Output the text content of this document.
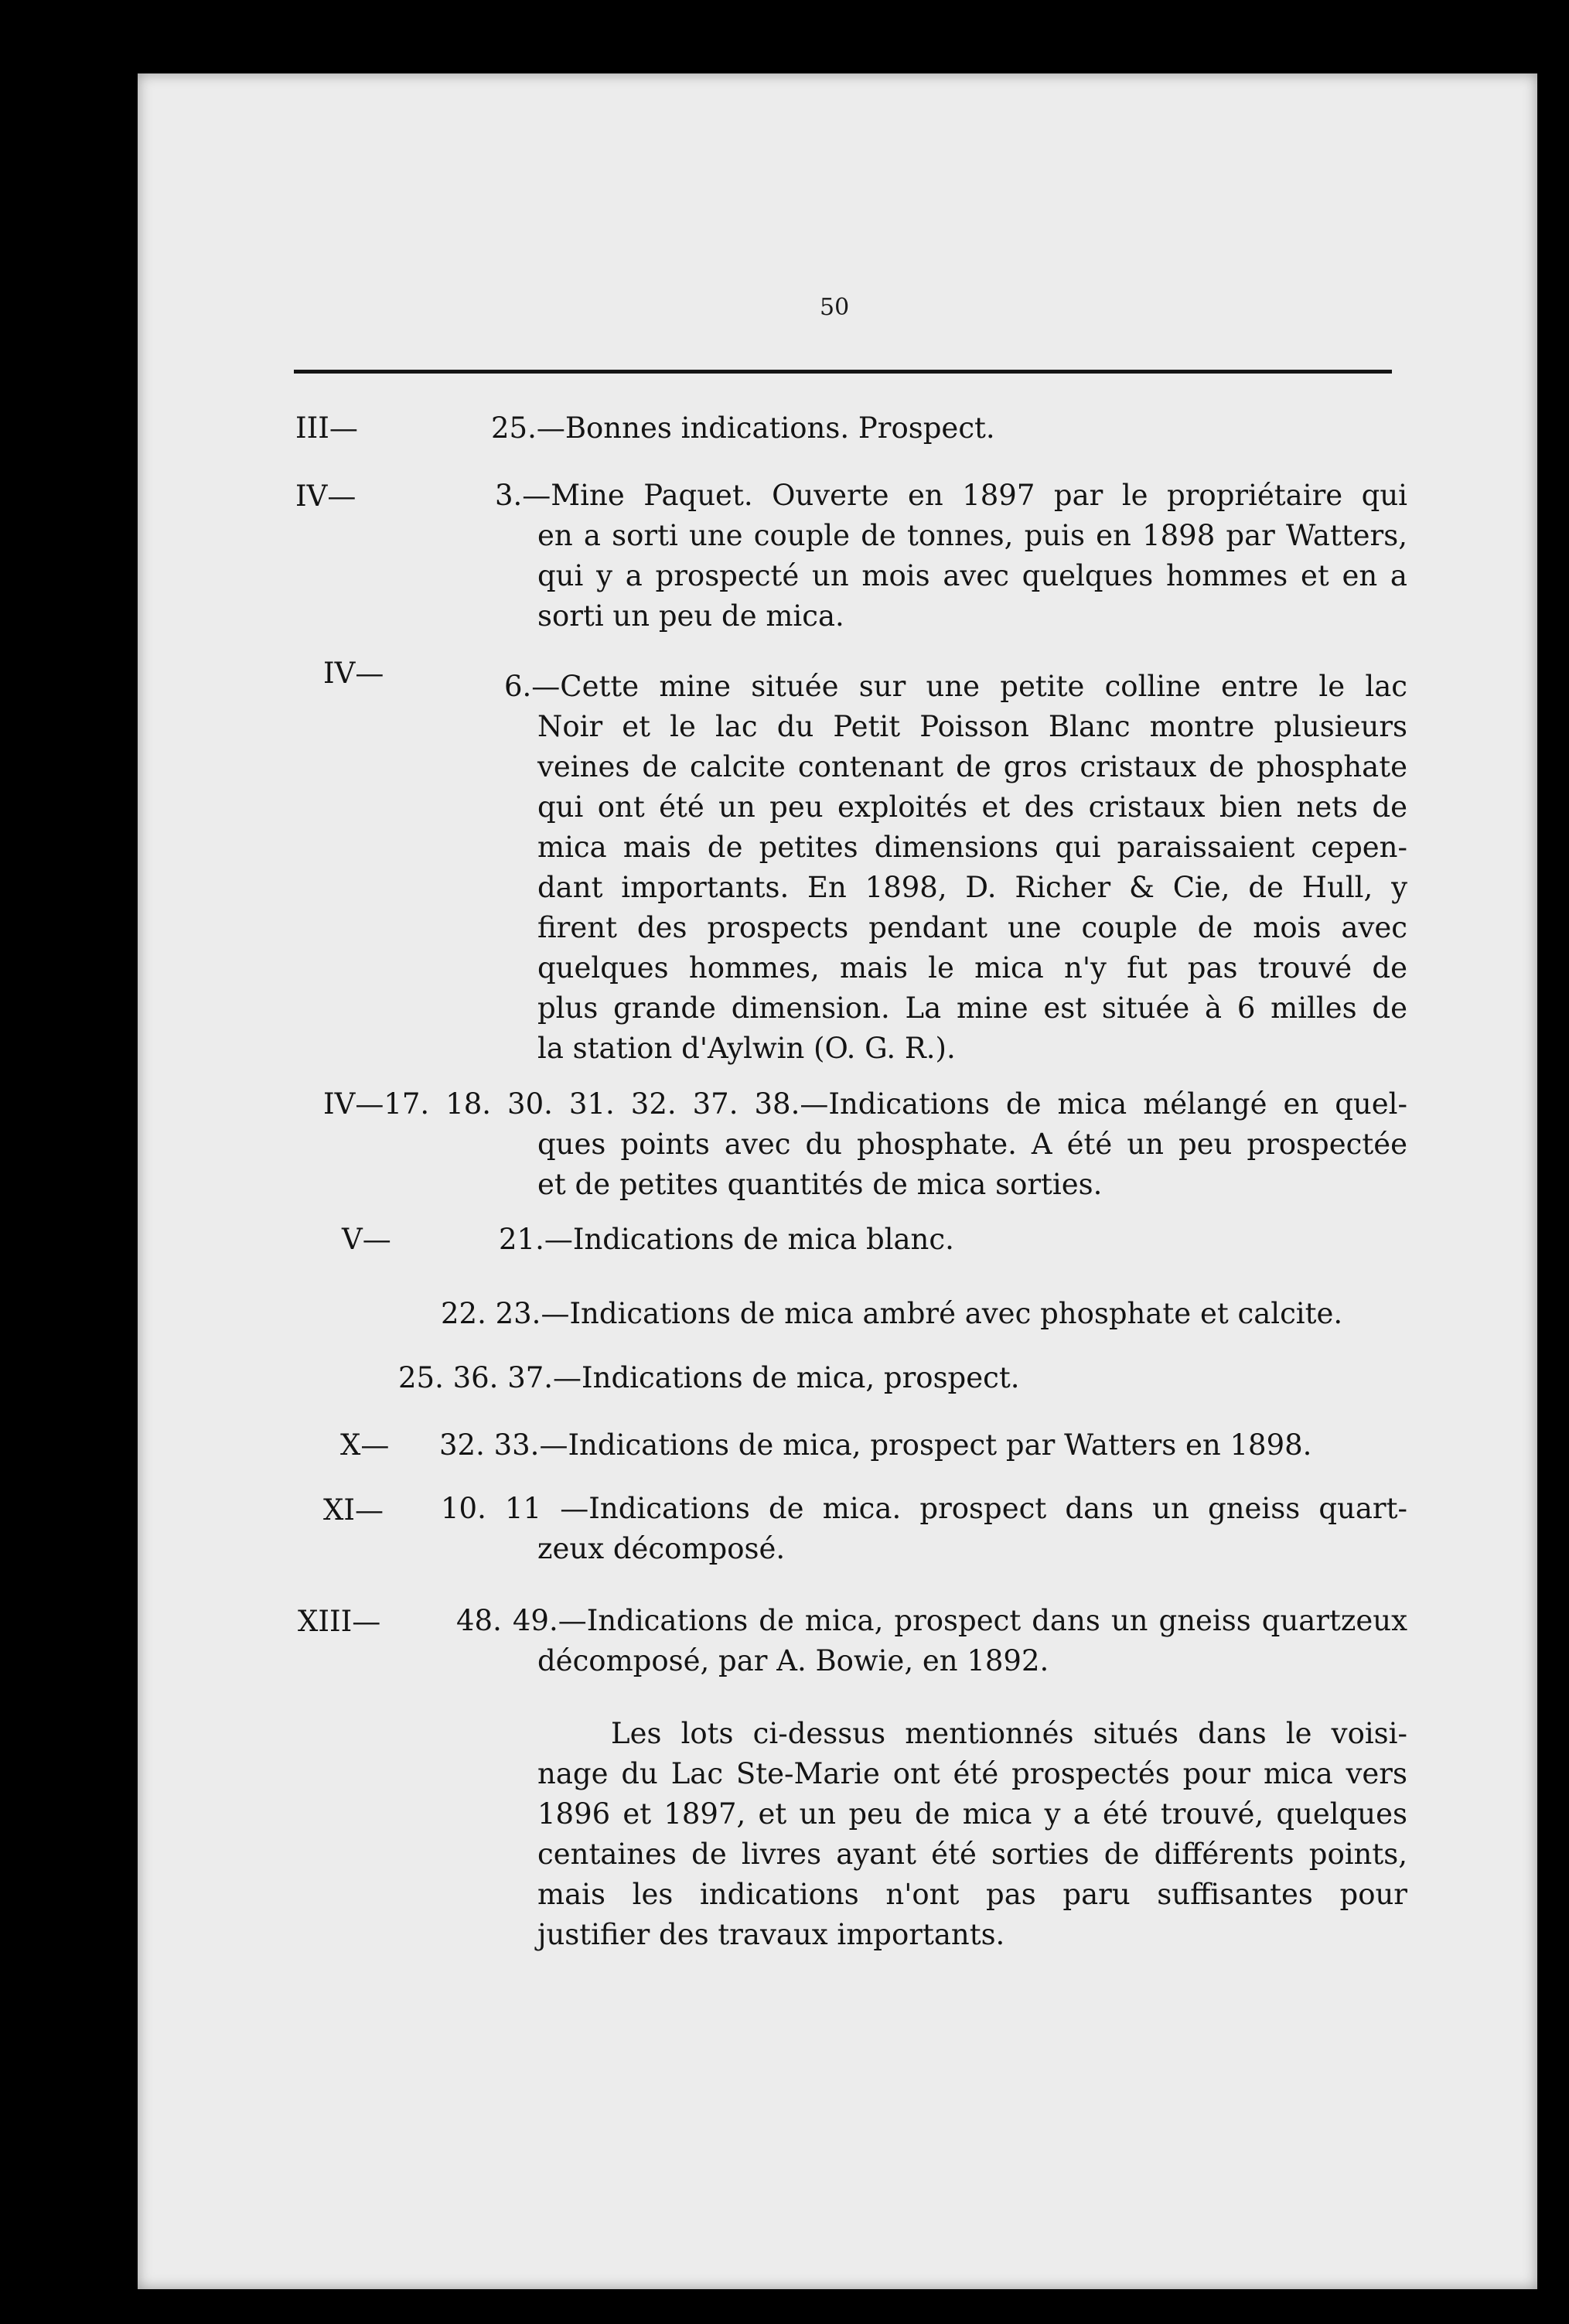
50
III—	25.—Bonnes indications. Prospect.
IV—	3.—Mine Paquet. Ouverte en 1897 par le propriétaire qui
en a sorti une couple de tonnes, puis en 1898 par Watters,
qui y a prospecté un mois avec quelques hommes et en a
sorti un peu de mica.
IV—	6.—Cette mine située sur une petite colline entre le lac
Noir et le lac du Petit Poisson Blanc montre plusieurs
veines de calcite contenant de gros cristaux de phosphate
qui ont été un peu exploités et des cristaux bien nets de
mica mais de petites dimensions qui paraissaient cepen-
dant importants. En 1898, D. Richer & Cie, de Hull, y
firent des prospects pendant une couple de mois avec
quelques hommes, mais le mica n'y fut pas trouvé de
plus grande dimension. La mine est située à 6 milles de
la station d'Aylwin (O. G. R.).
IV—17. 18. 30. 31. 32. 37. 38.—Indications de mica mélangé en quel-
ques points avec du phosphate. A été un peu prospectée
et de petites quantités de mica sorties.
V—	21.—Indications de mica blanc.
22. 23.—Indications de mica ambré avec phosphate et calcite.
25. 36. 37.—Indications de mica, prospect.
X— 32. 33.—Indications de mica, prospect par Watters en 1898.
XI— 10. 11 —Indications de mica. prospect dans un gneiss quart-
zeux décomposé.
XIII—	48. 49.—Indications de mica, prospect dans un gneiss quartzeux
décomposé, par A. Bowie, en 1892.
Les lots ci-dessus mentionnés situés dans le voisi-
nage du Lac Ste-Marie ont été prospectés pour mica vers
1896 et 1897, et un peu de mica y a été trouvé, quelques
centaines de livres ayant été sorties de différents points,
mais les indications n'ont pas paru suffisantes pour
justifier des travaux importants.
